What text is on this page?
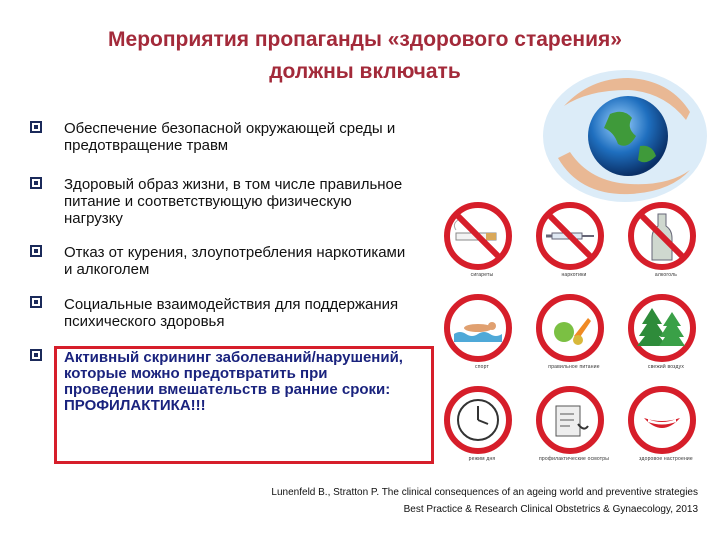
Мероприятия пропаганды «здорового старения»
должны включать
Обеспечение безопасной окружающей среды и предотвращение травм
Здоровый образ жизни, в том числе правильное питание и соответствующую физическую нагрузку
Отказ от курения, злоупотребления наркотиками и алкоголем
Социальные взаимодействия для поддержания психического здоровья
Активный скрининг заболеваний/нарушений, которые можно предотвратить при проведении вмешательств в ранние сроки: ПРОФИЛАКТИКА!!!
сигареты	наркотики	алкоголь
спорт	правильное питание	свежий воздух
режим дня	профилактические осмотры	здоровое настроение
Lunenfeld B., Stratton P. The clinical consequences of an ageing world and preventive strategies
Best Practice & Research Clinical Obstetrics & Gynaecology, 2013
